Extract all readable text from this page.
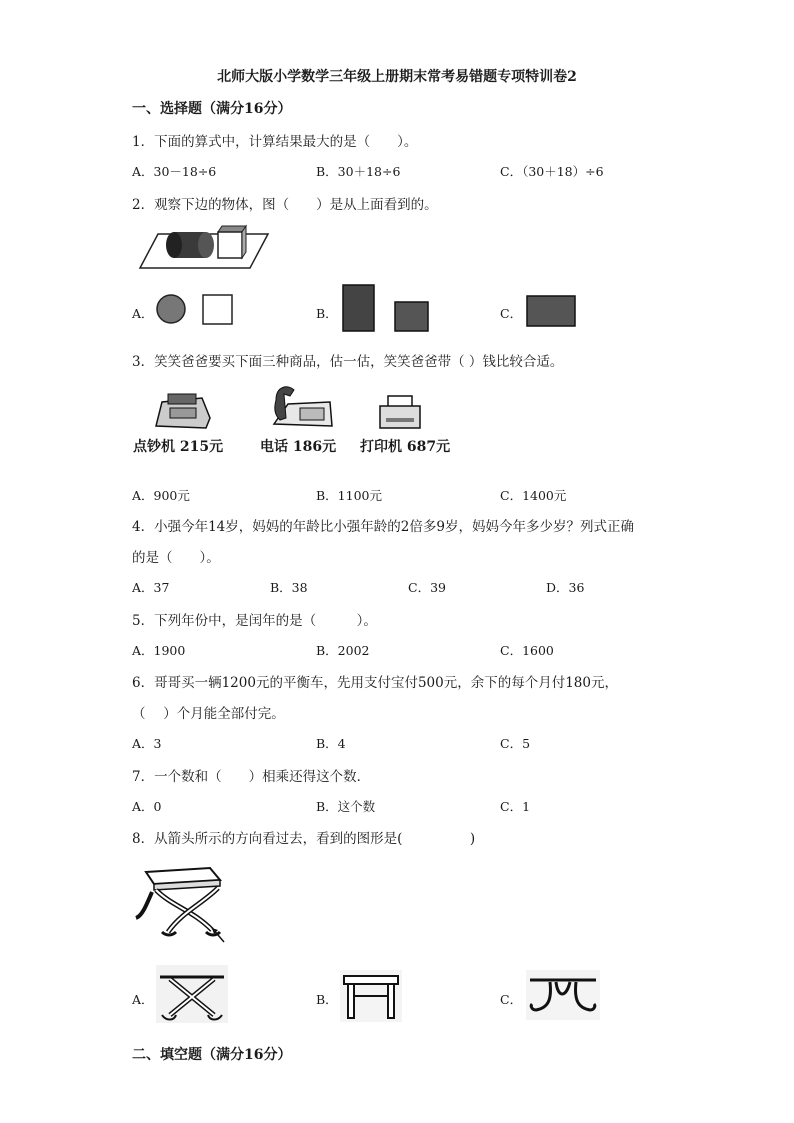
北师大版小学数学三年级上册期末常考易错题专项特训卷2
一、选择题（满分16分）
1．下面的算式中，计算结果最大的是（　　）。
A．30－18÷6	B．30＋18÷6	C．（30＋18）÷6
2．观察下边的物体，图（　　）是从上面看到的。
A．	B．	C．
3．笑笑爸爸要买下面三种商品，估一估，笑笑爸爸带（ ）钱比较合适。
点钞机 215元	电话 186元 打印机 687元
A．900元	B．1100元	C．1400元
4．小强今年14岁，妈妈的年龄比小强年龄的2倍多9岁，妈妈今年多少岁？列式正确
的是（　　）。
A．37	B．38	C．39	D．36
5．下列年份中，是闰年的是（　　　）。
A．1900	B．2002	C．1600
6．哥哥买一辆1200元的平衡车，先用支付宝付500元，余下的每个月付180元，
（　 ）个月能全部付完。
A．3	B．4	C．5
7．一个数和（　　）相乘还得这个数．
A．0	B．这个数	C．1
8．从箭头所示的方向看过去，看到的图形是(　　　　　)
A．	B．	C．
二、填空题（满分16分）
